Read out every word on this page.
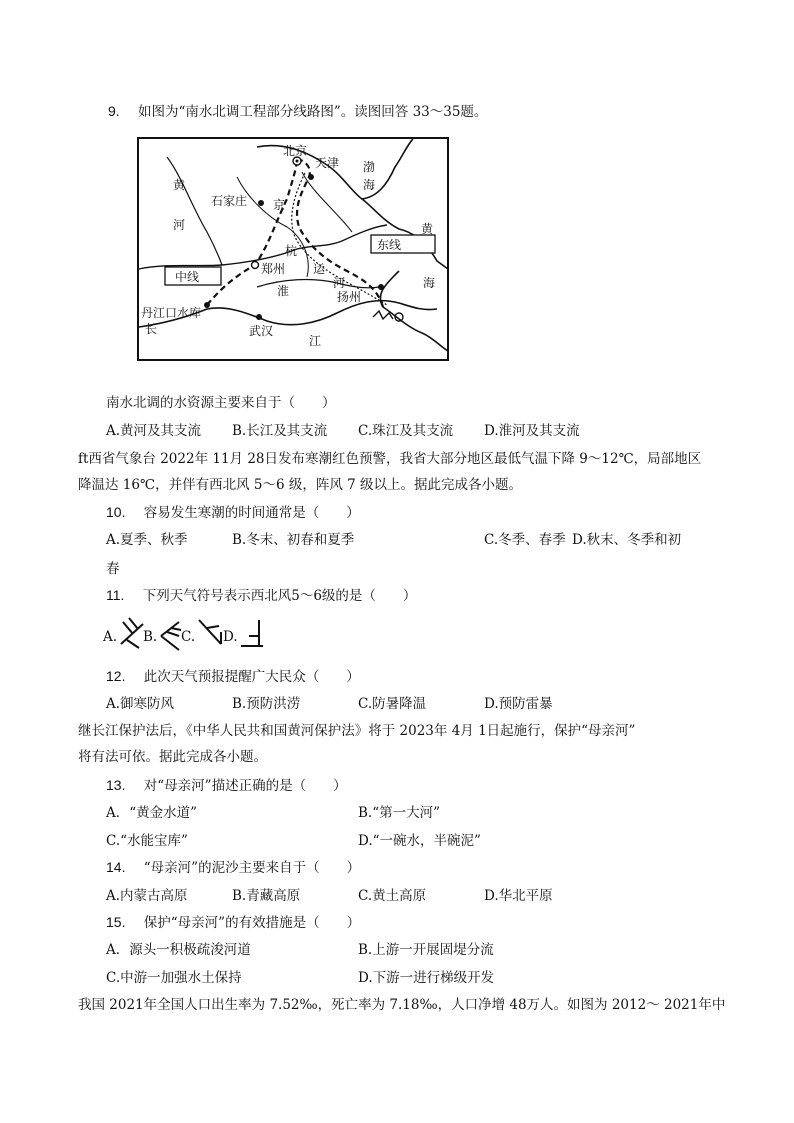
9. 如图为“南水北调工程部分线路图”。读图回答 33～35题。
北京
天津 渤
海
黄
河
石家庄 京
黄
东线
杭
运
河
郑州
海
中线
淮	扬州
丹江口水库
长	武汉
江
南水北调的水资源主要来自于（　　）
A.黄河及其支流 B.长江及其支流 C.珠江及其支流 D.淮河及其支流
ft西省气象台 2022年 11月 28日发布寒潮红色预警，我省大部分地区最低气温下降 9～12℃，局部地区
降温达 16℃，并伴有西北风 5～6 级，阵风 7 级以上。据此完成各小题。
10. 容易发生寒潮的时间通常是（　　）
A.夏季、秋季	B.冬末、初春和夏季	C.冬季、春季 D.秋末、冬季和初
春
11. 下列天气符号表示西北风5～6级的是（　　）
A. B. C. D.
12. 此次天气预报提醒广大民众（　　）
A.御寒防风	B.预防洪涝	C.防暑降温	D.预防雷暴
继长江保护法后，《中华人民共和国黄河保护法》将于 2023年 4月 1日起施行，保护“母亲河”
将有法可依。据此完成各小题。
13. 对“母亲河”描述正确的是（　　）
A．“黄金水道”	B.“第一大河”
C.“水能宝库”	D.“一碗水，半碗泥”
14. “母亲河”的泥沙主要来自于（　　）
A.内蒙古高原	B.青藏高原	C.黄土高原	D.华北平原
15. 保护“母亲河”的有效措施是（　　）
A．源头一积极疏浚河道	B.上游一开展固堤分流
C.中游一加强水土保持	D.下游一进行梯级开发
我国 2021年全国人口出生率为 7.52‰，死亡率为 7.18‰，人口净增 48万人。如图为 2012～ 2021年中
